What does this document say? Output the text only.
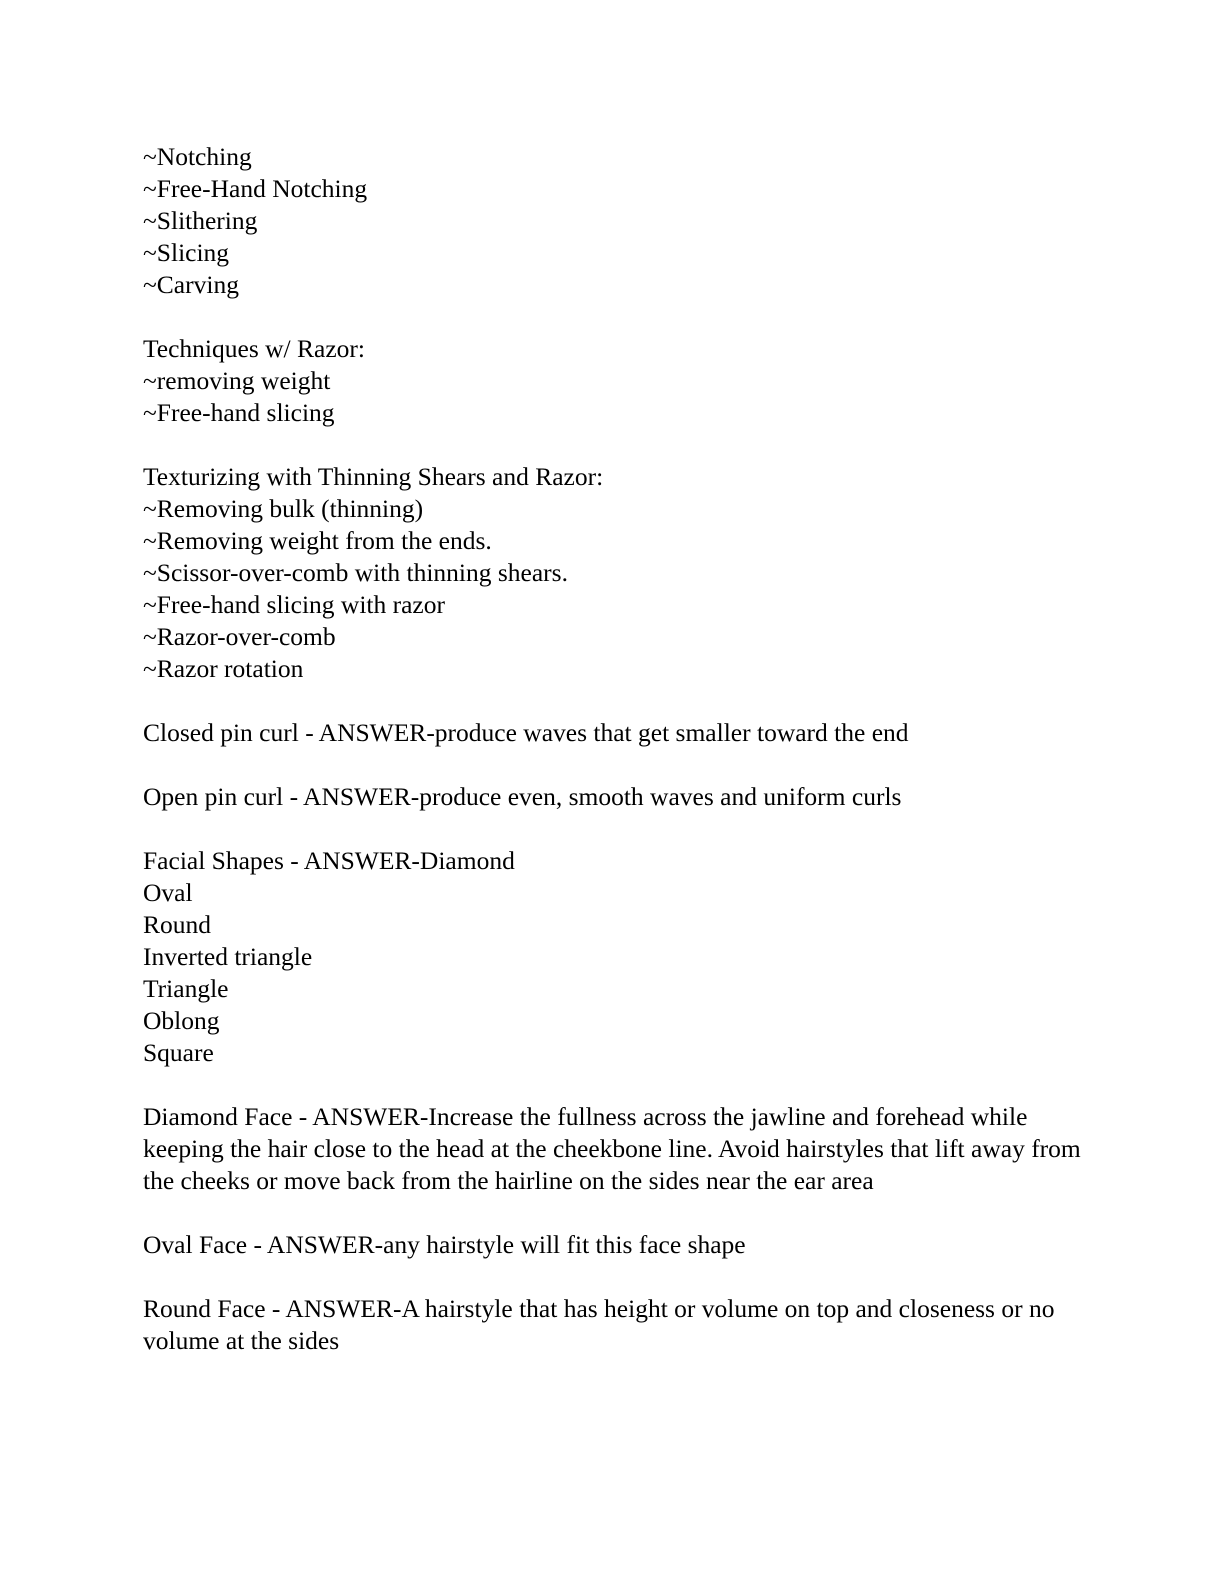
~Notching
~Free-Hand Notching
~Slithering
~Slicing
~Carving
Techniques w/ Razor:
~removing weight
~Free-hand slicing
Texturizing with Thinning Shears and Razor:
~Removing bulk (thinning)
~Removing weight from the ends.
~Scissor-over-comb with thinning shears.
~Free-hand slicing with razor
~Razor-over-comb
~Razor rotation
Closed pin curl - ANSWER-produce waves that get smaller toward the end
Open pin curl - ANSWER-produce even, smooth waves and uniform curls
Facial Shapes - ANSWER-Diamond
Oval
Round
Inverted triangle
Triangle
Oblong
Square
Diamond Face - ANSWER-Increase the fullness across the jawline and forehead while keeping the hair close to the head at the cheekbone line. Avoid hairstyles that lift away from the cheeks or move back from the hairline on the sides near the ear area
Oval Face - ANSWER-any hairstyle will fit this face shape
Round Face - ANSWER-A hairstyle that has height or volume on top and closeness or no volume at the sides
